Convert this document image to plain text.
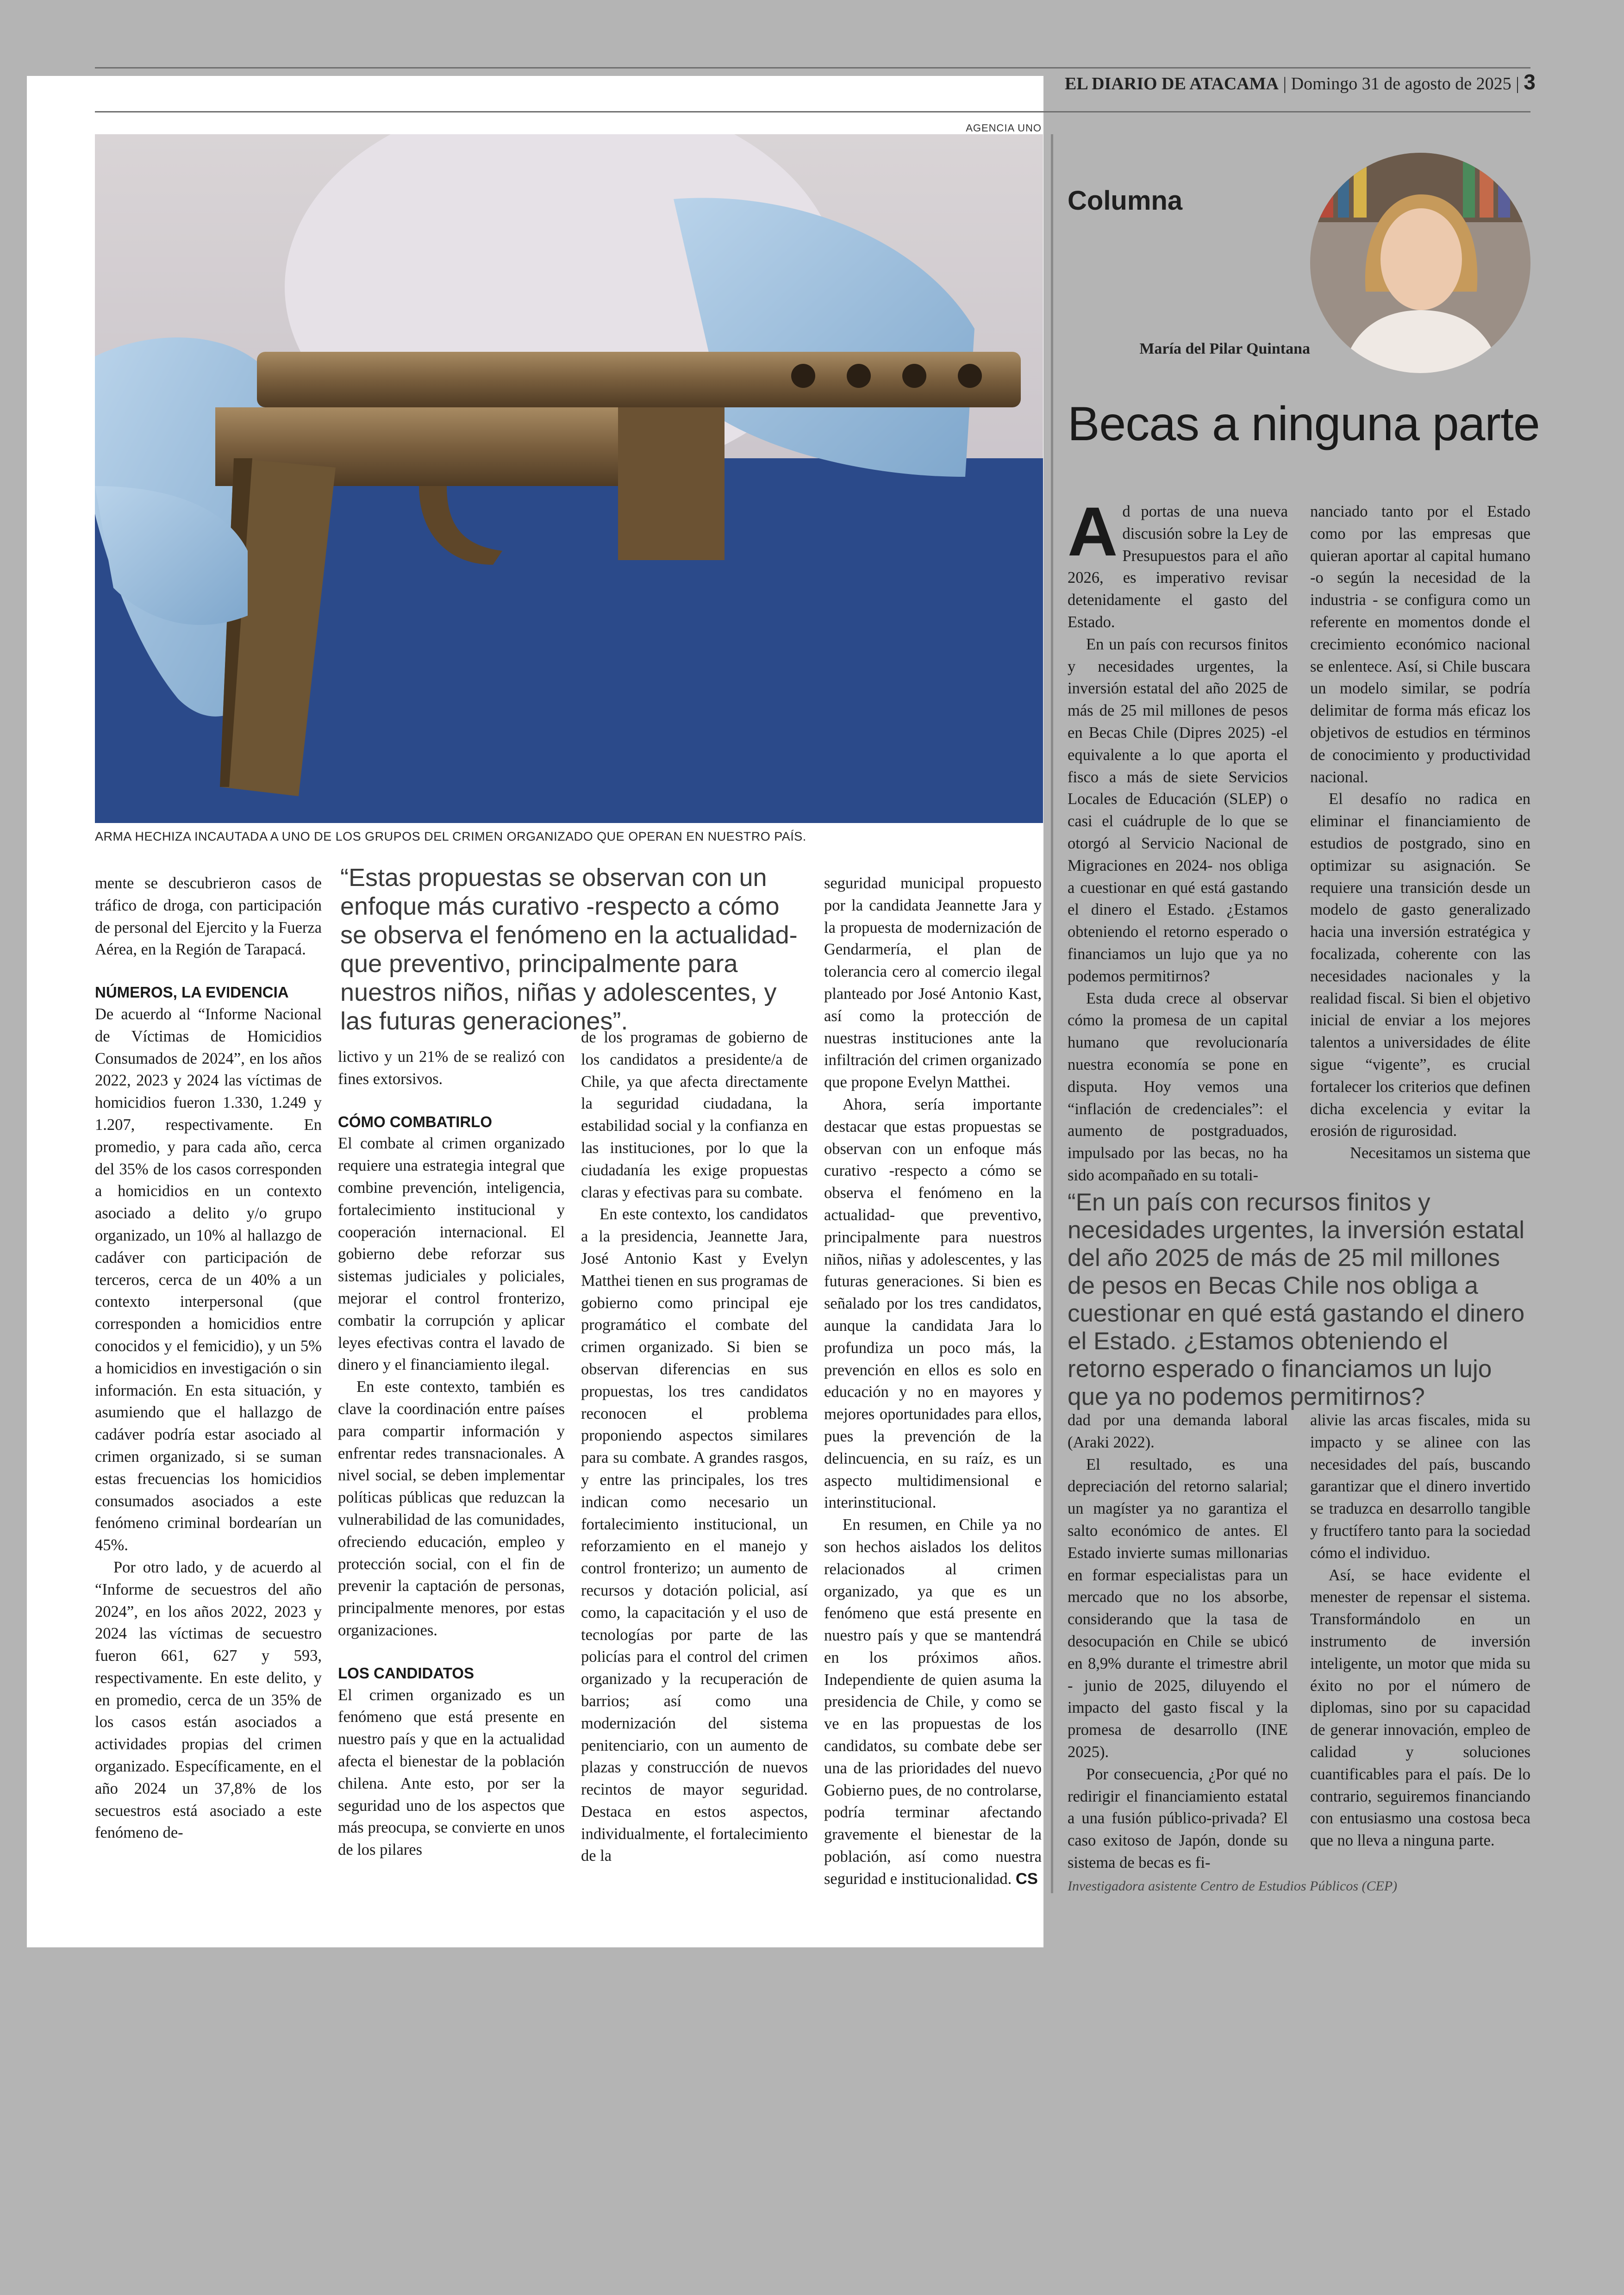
EL DIARIO DE ATACAMA | Domingo 31 de agosto de 2025 | 3
AGENCIA UNO
ARMA HECHIZA INCAUTADA A UNO DE LOS GRUPOS DEL CRIMEN ORGANIZADO QUE OPERAN EN NUESTRO PAÍS.

mente se descubrieron casos de tráfico de droga, con participación de personal del Ejercito y la Fuerza Aérea, en la Región de Tarapacá.

NÚMEROS, LA EVIDENCIA

De acuerdo al “Informe Nacional de Víctimas de Homicidios Consumados de 2024”, en los años 2022, 2023 y 2024 las víctimas de homicidios fueron 1.330, 1.249 y 1.207, respectivamente. En promedio, y para cada año, cerca del 35% de los casos corresponden a homicidios en un contexto asociado a delito y/o grupo organizado, un 10% al hallazgo de cadáver con participación de terceros, cerca de un 40% a un contexto interpersonal (que corresponden a homicidios entre conocidos y el femicidio), y un 5% a homicidios en investigación o sin información. En esta situación, y asumiendo que el hallazgo de cadáver podría estar asociado al crimen organizado, si se suman estas frecuencias los homicidios consumados asociados a este fenómeno criminal bordearían un 45%.

Por otro lado, y de acuerdo al “Informe de secuestros del año 2024”, en los años 2022, 2023 y 2024 las víctimas de secuestro fueron 661, 627 y 593, respectivamente. En este delito, y en promedio, cerca de un 35% de los casos están asociados a actividades propias del crimen organizado. Específicamente, en el año 2024 un 37,8% de los secuestros está asociado a este fenómeno de-

“Estas propuestas se observan con un enfoque más curativo -respecto a cómo se observa el fenómeno en la actualidad- que preventivo, principalmente para nuestros niños, niñas y adolescentes, y las futuras generaciones”.

lictivo y un 21% de se realizó con fines extorsivos.

CÓMO COMBATIRLO

El combate al crimen organizado requiere una estrategia integral que combine prevención, inteligencia, fortalecimiento institucional y cooperación internacional. El gobierno debe reforzar sus sistemas judiciales y policiales, mejorar el control fronterizo, combatir la corrupción y aplicar leyes efectivas contra el lavado de dinero y el financiamiento ilegal.

En este contexto, también es clave la coordinación entre países para compartir información y enfrentar redes transnacionales. A nivel social, se deben implementar políticas públicas que reduzcan la vulnerabilidad de las comunidades, ofreciendo educación, empleo y protección social, con el fin de prevenir la captación de personas, principalmente menores, por estas organizaciones.

LOS CANDIDATOS

El crimen organizado es un fenómeno que está presente en nuestro país y que en la actualidad afecta el bienestar de la población chilena. Ante esto, por ser la seguridad uno de los aspectos que más preocupa, se convierte en unos de los pilares

de los programas de gobierno de los candidatos a presidente/a de Chile, ya que afecta directamente la seguridad ciudadana, la estabilidad social y la confianza en las instituciones, por lo que la ciudadanía les exige propuestas claras y efectivas para su combate.

En este contexto, los candidatos a la presidencia, Jeannette Jara, José Antonio Kast y Evelyn Matthei tienen en sus programas de gobierno como principal eje programático el combate del crimen organizado. Si bien se observan diferencias en sus propuestas, los tres candidatos reconocen el problema proponiendo aspectos similares para su combate. A grandes rasgos, y entre las principales, los tres indican como necesario un fortalecimiento institucional, un reforzamiento en el manejo y control fronterizo; un aumento de recursos y dotación policial, así como, la capacitación y el uso de tecnologías por parte de las policías para el control del crimen organizado y la recuperación de barrios; así como una modernización del sistema penitenciario, con un aumento de plazas y construcción de nuevos recintos de mayor seguridad. Destaca en estos aspectos, individualmente, el fortalecimiento de la

seguridad municipal propuesto por la candidata Jeannette Jara y la propuesta de modernización de Gendarmería, el plan de tolerancia cero al comercio ilegal planteado por José Antonio Kast, así como la protección de nuestras instituciones ante la infiltración del crimen organizado que propone Evelyn Matthei.

Ahora, sería importante destacar que estas propuestas se observan con un enfoque más curativo -respecto a cómo se observa el fenómeno en la actualidad- que preventivo, principalmente para nuestros niños, niñas y adolescentes, y las futuras generaciones. Si bien es señalado por los tres candidatos, aunque la candidata Jara lo profundiza un poco más, la prevención en ellos es solo en educación y no en mayores y mejores oportunidades para ellos, pues la prevención de la delincuencia, en su raíz, es un aspecto multidimensional e interinstitucional.

En resumen, en Chile ya no son hechos aislados los delitos relacionados al crimen organizado, ya que es un fenómeno que está presente en nuestro país y que se mantendrá en los próximos años. Independiente de quien asuma la presidencia de Chile, y como se ve en las propuestas de los candidatos, su combate debe ser una de las prioridades del nuevo Gobierno pues, de no controlarse, podría terminar afectando gravemente el bienestar de la población, así como nuestra seguridad e institucionalidad. CS

Columna
María del Pilar Quintana
Becas a ninguna parte

Ad portas de una nueva discusión sobre la Ley de Presupuestos para el año 2026, es imperativo revisar detenidamente el gasto del Estado.

En un país con recursos finitos y necesidades urgentes, la inversión estatal del año 2025 de más de 25 mil millones de pesos en Becas Chile (Dipres 2025) -el equivalente a lo que aporta el fisco a más de siete Servicios Locales de Educación (SLEP) o casi el cuádruple de lo que se otorgó al Servicio Nacional de Migraciones en 2024- nos obliga a cuestionar en qué está gastando el dinero el Estado. ¿Estamos obteniendo el retorno esperado o financiamos un lujo que ya no podemos permitirnos?

Esta duda crece al observar cómo la promesa de un capital humano que revolucionaría nuestra economía se pone en disputa. Hoy vemos una “inflación de credenciales”: el aumento de postgraduados, impulsado por las becas, no ha sido acompañado en su totali-

nanciado tanto por el Estado como por las empresas que quieran aportar al capital humano -o según la necesidad de la industria - se configura como un referente en momentos donde el crecimiento económico nacional se enlentece. Así, si Chile buscara un modelo similar, se podría delimitar de forma más eficaz los objetivos de estudios en términos de conocimiento y productividad nacional.

El desafío no radica en eliminar el financiamiento de estudios de postgrado, sino en optimizar su asignación. Se requiere una transición desde un modelo de gasto generalizado hacia una inversión estratégica y focalizada, coherente con las necesidades nacionales y la realidad fiscal. Si bien el objetivo inicial de enviar a los mejores talentos a universidades de élite sigue “vigente”, es crucial fortalecer los criterios que definen dicha excelencia y evitar la erosión de rigurosidad.

Necesitamos un sistema que

“En un país con recursos finitos y necesidades urgentes, la inversión estatal del año 2025 de más de 25 mil millones de pesos en Becas Chile nos obliga a cuestionar en qué está gastando el dinero el Estado. ¿Estamos obteniendo el retorno esperado o financiamos un lujo que ya no podemos permitirnos?

dad por una demanda laboral (Araki 2022).

El resultado, es una depreciación del retorno salarial; un magíster ya no garantiza el salto económico de antes. El Estado invierte sumas millonarias en formar especialistas para un mercado que no los absorbe, considerando que la tasa de desocupación en Chile se ubicó en 8,9% durante el trimestre abril - junio de 2025, diluyendo el impacto del gasto fiscal y la promesa de desarrollo (INE 2025).

Por consecuencia, ¿Por qué no redirigir el financiamiento estatal a una fusión público-privada? El caso exitoso de Japón, donde su sistema de becas es fi-

alivie las arcas fiscales, mida su impacto y se alinee con las necesidades del país, buscando garantizar que el dinero invertido se traduzca en desarrollo tangible y fructífero tanto para la sociedad cómo el individuo.

Así, se hace evidente el menester de repensar el sistema. Transformándolo en un instrumento de inversión inteligente, un motor que mida su éxito no por el número de diplomas, sino por su capacidad de generar innovación, empleo de calidad y soluciones cuantificables para el país. De lo contrario, seguiremos financiando con entusiasmo una costosa beca que no lleva a ninguna parte.

Investigadora asistente Centro de Estudios Públicos (CEP)
